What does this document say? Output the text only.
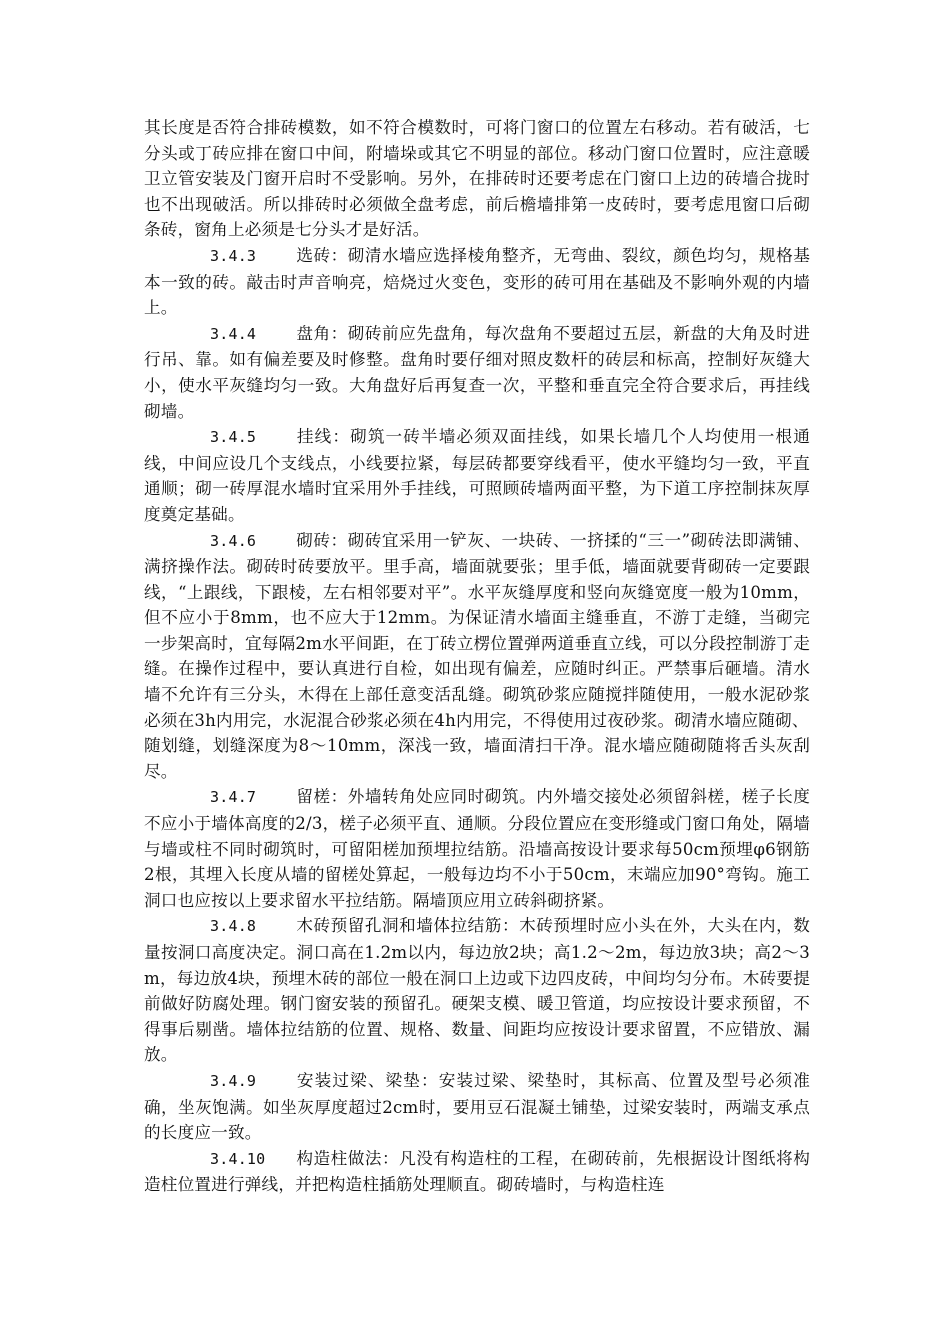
其长度是否符合排砖模数，如不符合模数时，可将门窗口的位置左右移动。若有破活，七分头或丁砖应排在窗口中间，附墙垛或其它不明显的部位。移动门窗口位置时，应注意暖卫立管安装及门窗开启时不受影响。另外，在排砖时还要考虑在门窗口上边的砖墙合拢时也不出现破活。所以排砖时必须做全盘考虑，前后檐墙排第一皮砖时，要考虑甩窗口后砌条砖，窗角上必须是七分头才是好活。

3.4.3 选砖：砌清水墙应选择棱角整齐，无弯曲、裂纹，颜色均匀，规格基本一致的砖。敲击时声音响亮，焙烧过火变色，变形的砖可用在基础及不影响外观的内墙上。

3.4.4 盘角：砌砖前应先盘角，每次盘角不要超过五层，新盘的大角及时进行吊、靠。如有偏差要及时修整。盘角时要仔细对照皮数杆的砖层和标高，控制好灰缝大小，使水平灰缝均匀一致。大角盘好后再复查一次，平整和垂直完全符合要求后，再挂线砌墙。

3.4.5 挂线：砌筑一砖半墙必须双面挂线，如果长墙几个人均使用一根通线，中间应设几个支线点，小线要拉紧，每层砖都要穿线看平，使水平缝均匀一致，平直通顺；砌一砖厚混水墙时宜采用外手挂线，可照顾砖墙两面平整，为下道工序控制抹灰厚度奠定基础。

3.4.6 砌砖：砌砖宜采用一铲灰、一块砖、一挤揉的“三一”砌砖法即满铺、满挤操作法。砌砖时砖要放平。里手高，墙面就要张；里手低，墙面就要背砌砖一定要跟线，“上跟线，下跟棱，左右相邻要对平”。水平灰缝厚度和竖向灰缝宽度一般为10mm，但不应小于8mm，也不应大于12mm。为保证清水墙面主缝垂直，不游丁走缝，当砌完一步架高时，宜每隔2m水平间距，在丁砖立楞位置弹两道垂直立线，可以分段控制游丁走缝。在操作过程中，要认真进行自检，如出现有偏差，应随时纠正。严禁事后砸墙。清水墙不允许有三分头，木得在上部任意变活乱缝。砌筑砂浆应随搅拌随使用，一般水泥砂浆必须在3h内用完，水泥混合砂浆必须在4h内用完，不得使用过夜砂浆。砌清水墙应随砌、

随划缝，划缝深度为8～10mm，深浅一致，墙面清扫干净。混水墙应随砌随将舌头灰刮尽。

3.4.7 留槎：外墙转角处应同时砌筑。内外墙交接处必须留斜槎，槎子长度不应小于墙体高度的2/3，槎子必须平直、通顺。分段位置应在变形缝或门窗口角处，隔墙与墙或柱不同时砌筑时，可留阳槎加预埋拉结筋。沿墙高按设计要求每50cm预埋φ6钢筋2根，其埋入长度从墙的留槎处算起，一般每边均不小于50cm，末端应加90°弯钩。施工洞口也应按以上要求留水平拉结筋。隔墙顶应用立砖斜砌挤紧。

3.4.8 木砖预留孔洞和墙体拉结筋：木砖预埋时应小头在外，大头在内，数量按洞口高度决定。洞口高在1.2m以内，每边放2块；高1.2～2m，每边放3块；高2～3m，每边放4块，预埋木砖的部位一般在洞口上边或下边四皮砖，中间均匀分布。木砖要提前做好防腐处理。钢门窗安装的预留孔。硬架支模、暖卫管道，均应按设计要求预留，不得事后剔凿。墙体拉结筋的位置、规格、数量、间距均应按设计要求留置，不应错放、漏放。

3.4.9 安装过梁、梁垫：安装过梁、梁垫时，其标高、位置及型号必须准确，坐灰饱满。如坐灰厚度超过2cm时，要用豆石混凝土铺垫，过梁安装时，两端支承点的长度应一致。

3.4.10 构造柱做法：凡没有构造柱的工程，在砌砖前，先根据设计图纸将构造柱位置进行弹线，并把构造柱插筋处理顺直。砌砖墙时，与构造柱连
